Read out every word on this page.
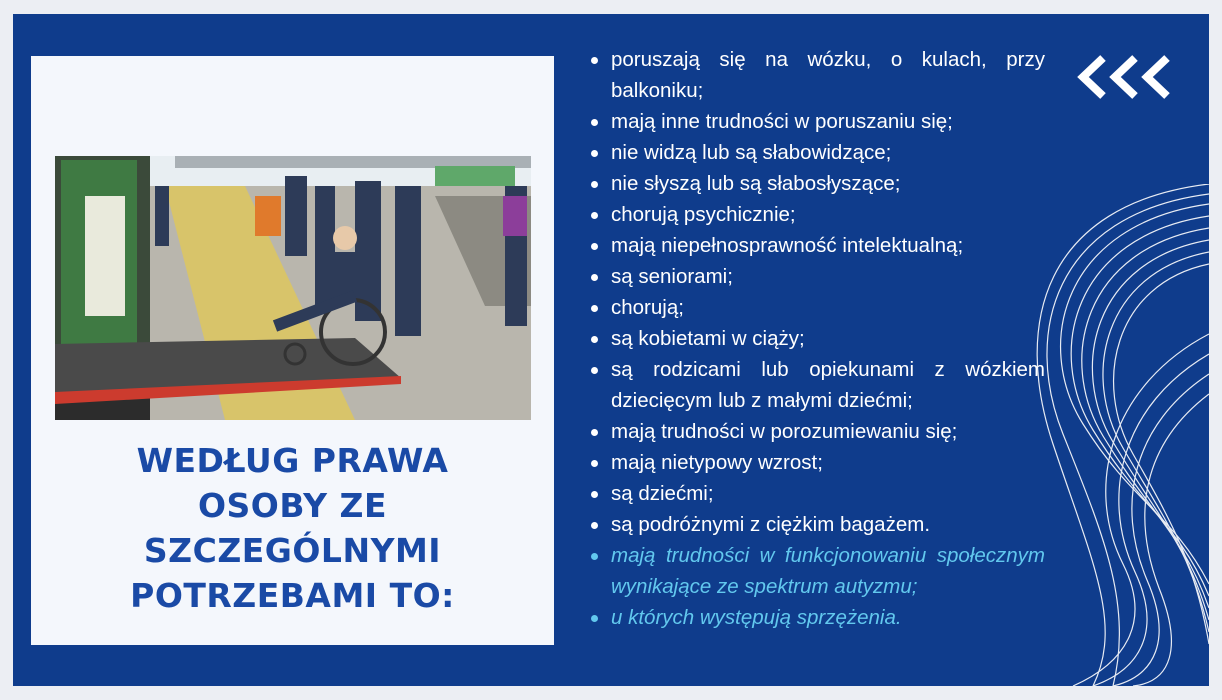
WEDŁUG PRAWA
OSOBY ZE
SZCZEGÓLNYMI
POTRZEBAMI TO:
poruszają się na wózku, o kulach, przy balkoniku;
mają inne trudności w poruszaniu się;
nie widzą lub są słabowidzące;
nie słyszą lub są słabosłyszące;
chorują psychicznie;
mają niepełnosprawność intelektualną;
są seniorami;
chorują;
są kobietami w ciąży;
są rodzicami lub opiekunami z wózkiem dziecięcym lub z małymi dziećmi;
mają trudności w porozumiewaniu się;
mają nietypowy wzrost;
są dziećmi;
są podróżnymi z ciężkim bagażem.
mają trudności w funkcjonowaniu społecznym wynikające ze spektrum autyzmu;
u których występują sprzężenia.
